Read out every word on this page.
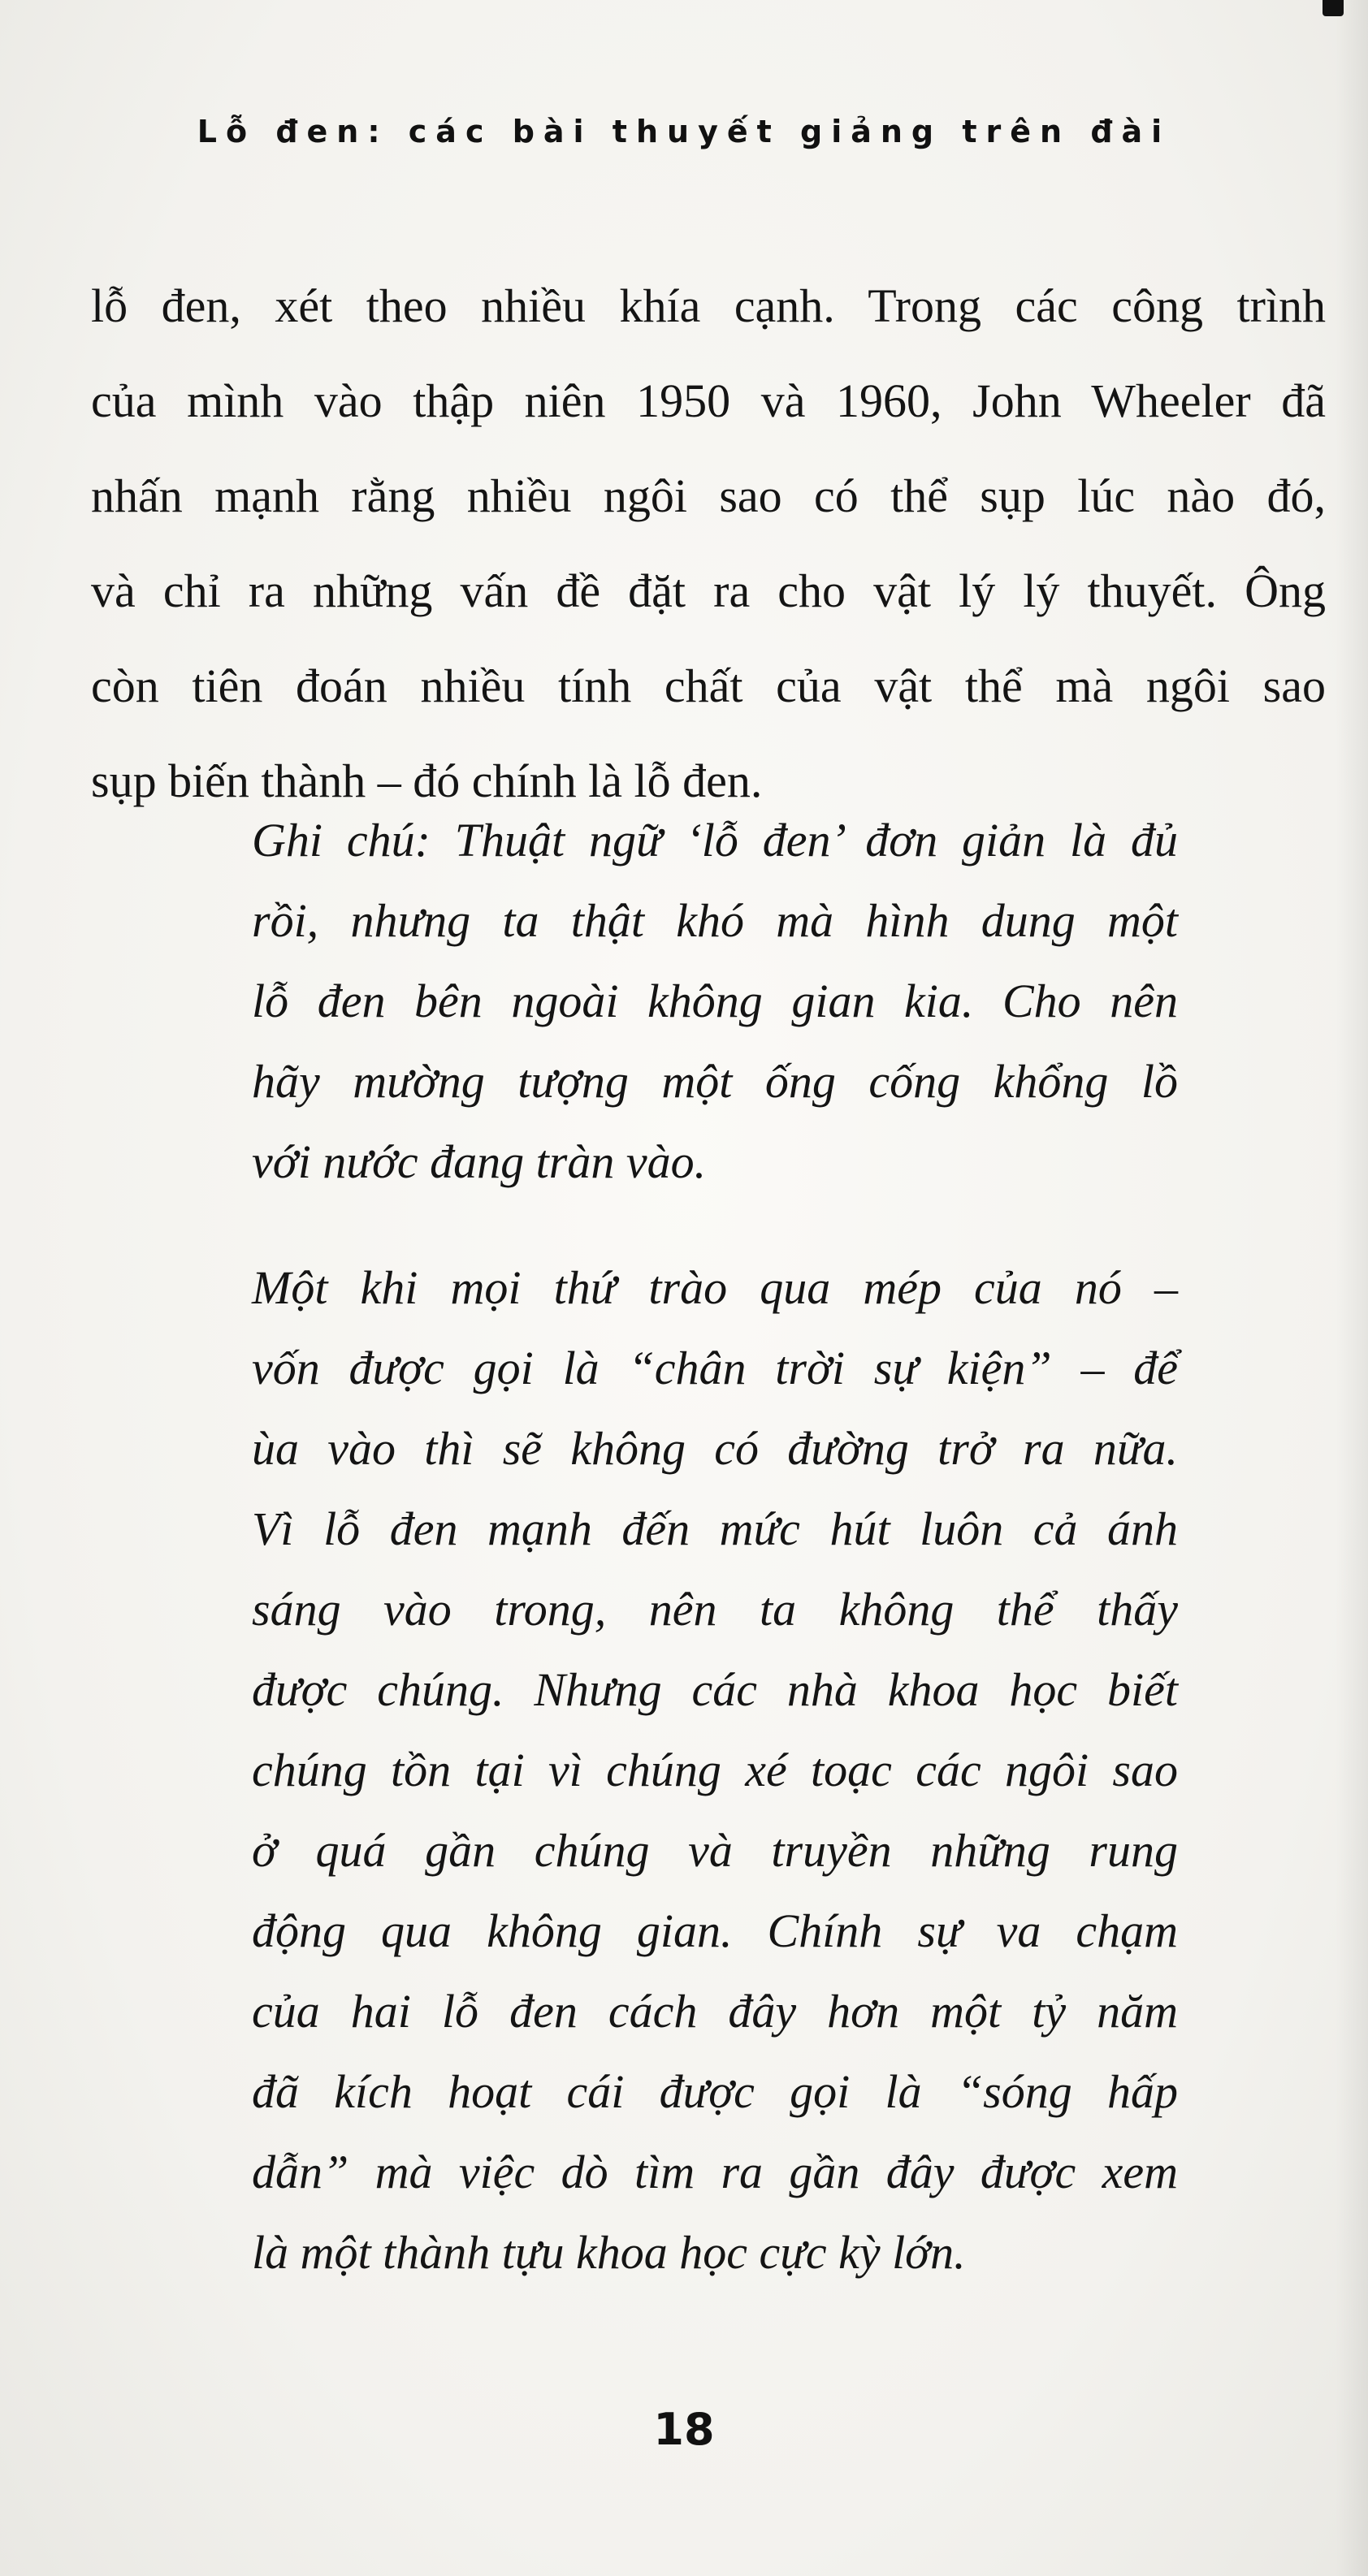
Lỗ đen: các bài thuyết giảng trên đài
lỗ đen, xét theo nhiều khía cạnh. Trong các công trình
của mình vào thập niên 1950 và 1960, John Wheeler đã
nhấn mạnh rằng nhiều ngôi sao có thể sụp lúc nào đó,
và chỉ ra những vấn đề đặt ra cho vật lý lý thuyết. Ông
còn tiên đoán nhiều tính chất của vật thể mà ngôi sao
sụp biến thành – đó chính là lỗ đen.
Ghi chú: Thuật ngữ ‘lỗ đen’ đơn giản là đủ
rồi, nhưng ta thật khó mà hình dung một
lỗ đen bên ngoài không gian kia. Cho nên
hãy mường tượng một ống cống khổng lồ
với nước đang tràn vào.
Một khi mọi thứ trào qua mép của nó –
vốn được gọi là “chân trời sự kiện” – để
ùa vào thì sẽ không có đường trở ra nữa.
Vì lỗ đen mạnh đến mức hút luôn cả ánh
sáng vào trong, nên ta không thể thấy
được chúng. Nhưng các nhà khoa học biết
chúng tồn tại vì chúng xé toạc các ngôi sao
ở quá gần chúng và truyền những rung
động qua không gian. Chính sự va chạm
của hai lỗ đen cách đây hơn một tỷ năm
đã kích hoạt cái được gọi là “sóng hấp
dẫn” mà việc dò tìm ra gần đây được xem
là một thành tựu khoa học cực kỳ lớn.
18
